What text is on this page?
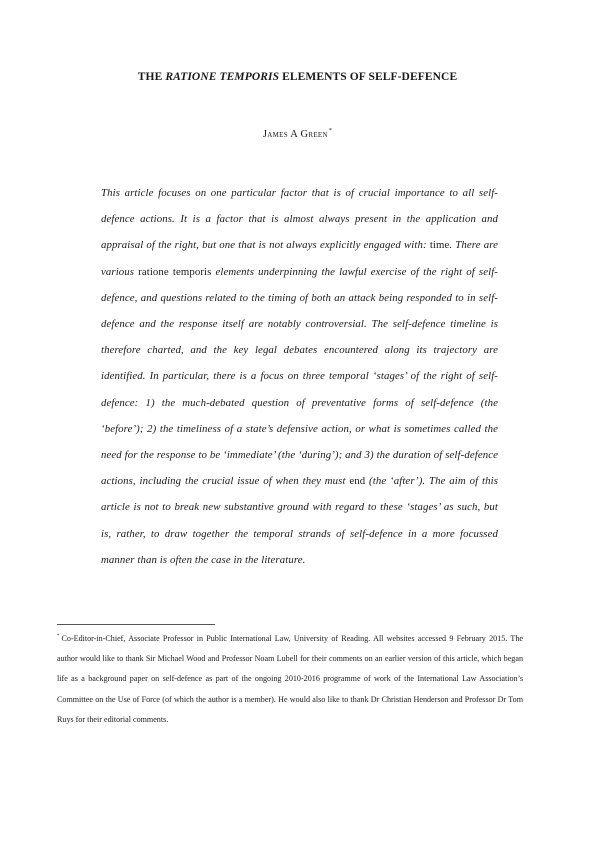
THE RATIONE TEMPORIS ELEMENTS OF SELF-DEFENCE
James A Green*

This article focuses on one particular factor that is of crucial importance to all self-defence actions. It is a factor that is almost always present in the application and appraisal of the right, but one that is not always explicitly engaged with: time. There are various ratione temporis elements underpinning the lawful exercise of the right of self-defence, and questions related to the timing of both an attack being responded to in self-defence and the response itself are notably controversial. The self-defence timeline is therefore charted, and the key legal debates encountered along its trajectory are identified. In particular, there is a focus on three temporal ‘stages’ of the right of self-defence: 1) the much-debated question of preventative forms of self-defence (the ‘before’); 2) the timeliness of a state’s defensive action, or what is sometimes called the need for the response to be ‘immediate’ (the ‘during’); and 3) the duration of self-defence actions, including the crucial issue of when they must end (the ‘after’). The aim of this article is not to break new substantive ground with regard to these ‘stages’ as such, but is, rather, to draw together the temporal strands of self-defence in a more focussed manner than is often the case in the literature.

* Co-Editor-in-Chief, Associate Professor in Public International Law, University of Reading. All websites accessed 9 February 2015. The author would like to thank Sir Michael Wood and Professor Noam Lubell for their comments on an earlier version of this article, which began life as a background paper on self-defence as part of the ongoing 2010-2016 programme of work of the International Law Association’s Committee on the Use of Force (of which the author is a member). He would also like to thank Dr Christian Henderson and Professor Dr Tom Ruys for their editorial comments.
